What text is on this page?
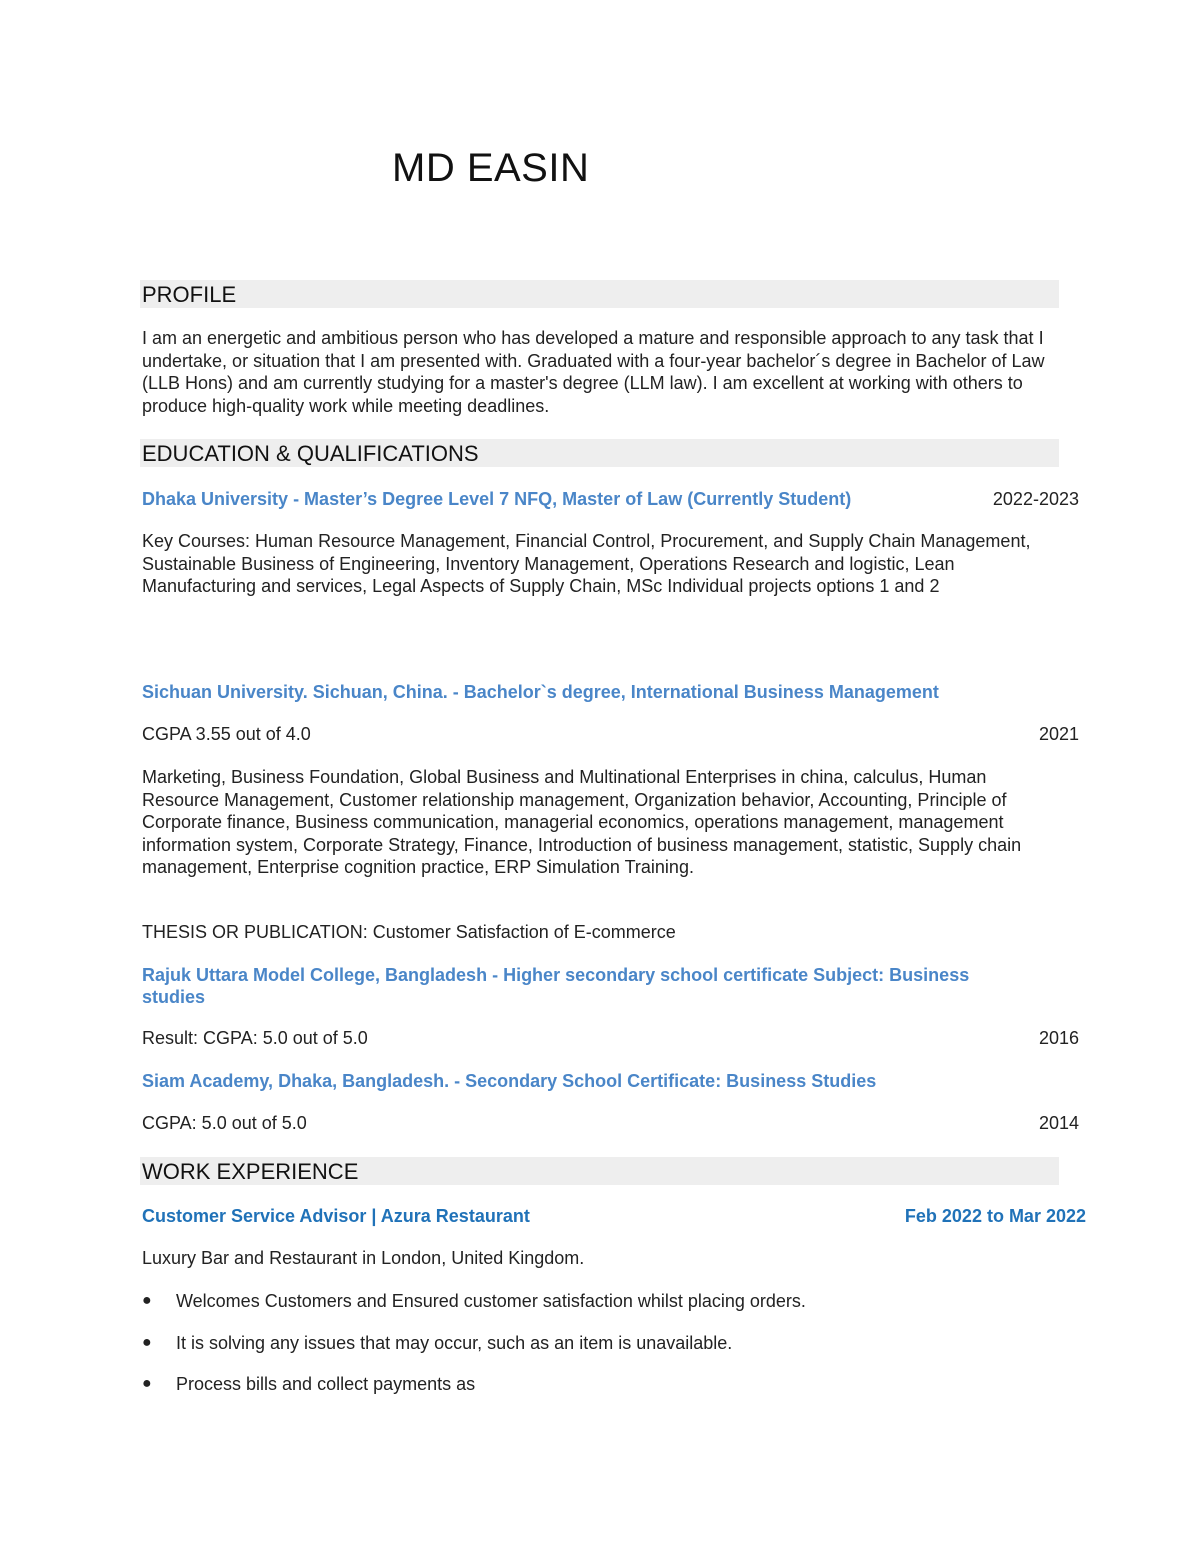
MD EASIN
PROFILE
I am an energetic and ambitious person who has developed a mature and responsible approach to any task that I undertake, or situation that I am presented with. Graduated with a four-year bachelor´s degree in Bachelor of Law (LLB Hons) and am currently studying for a master's degree (LLM law). I am excellent at working with others to produce high-quality work while meeting deadlines.
EDUCATION & QUALIFICATIONS
Dhaka University - Master’s Degree Level 7 NFQ, Master of Law (Currently Student)	2022-2023
Key Courses: Human Resource Management, Financial Control, Procurement, and Supply Chain Management, Sustainable Business of Engineering, Inventory Management, Operations Research and logistic, Lean Manufacturing and services, Legal Aspects of Supply Chain, MSc Individual projects options 1 and 2
Sichuan University. Sichuan, China. - Bachelor`s degree, International Business Management
CGPA 3.55 out of 4.0	2021
Marketing, Business Foundation, Global Business and Multinational Enterprises in china, calculus, Human Resource Management, Customer relationship management, Organization behavior, Accounting, Principle of Corporate finance, Business communication, managerial economics, operations management, management information system, Corporate Strategy, Finance, Introduction of business management, statistic, Supply chain management, Enterprise cognition practice, ERP Simulation Training.
THESIS OR PUBLICATION: Customer Satisfaction of E-commerce
Rajuk Uttara Model College, Bangladesh - Higher secondary school certificate Subject: Business
studies
Result: CGPA: 5.0 out of 5.0	2016
Siam Academy, Dhaka, Bangladesh. - Secondary School Certificate: Business Studies
CGPA: 5.0 out of 5.0	2014
WORK EXPERIENCE
Customer Service Advisor | Azura Restaurant	Feb 2022 to Mar 2022
Luxury Bar and Restaurant in London, United Kingdom.
● Welcomes Customers and Ensured customer satisfaction whilst placing orders.
● It is solving any issues that may occur, such as an item is unavailable.
● Process bills and collect payments as
